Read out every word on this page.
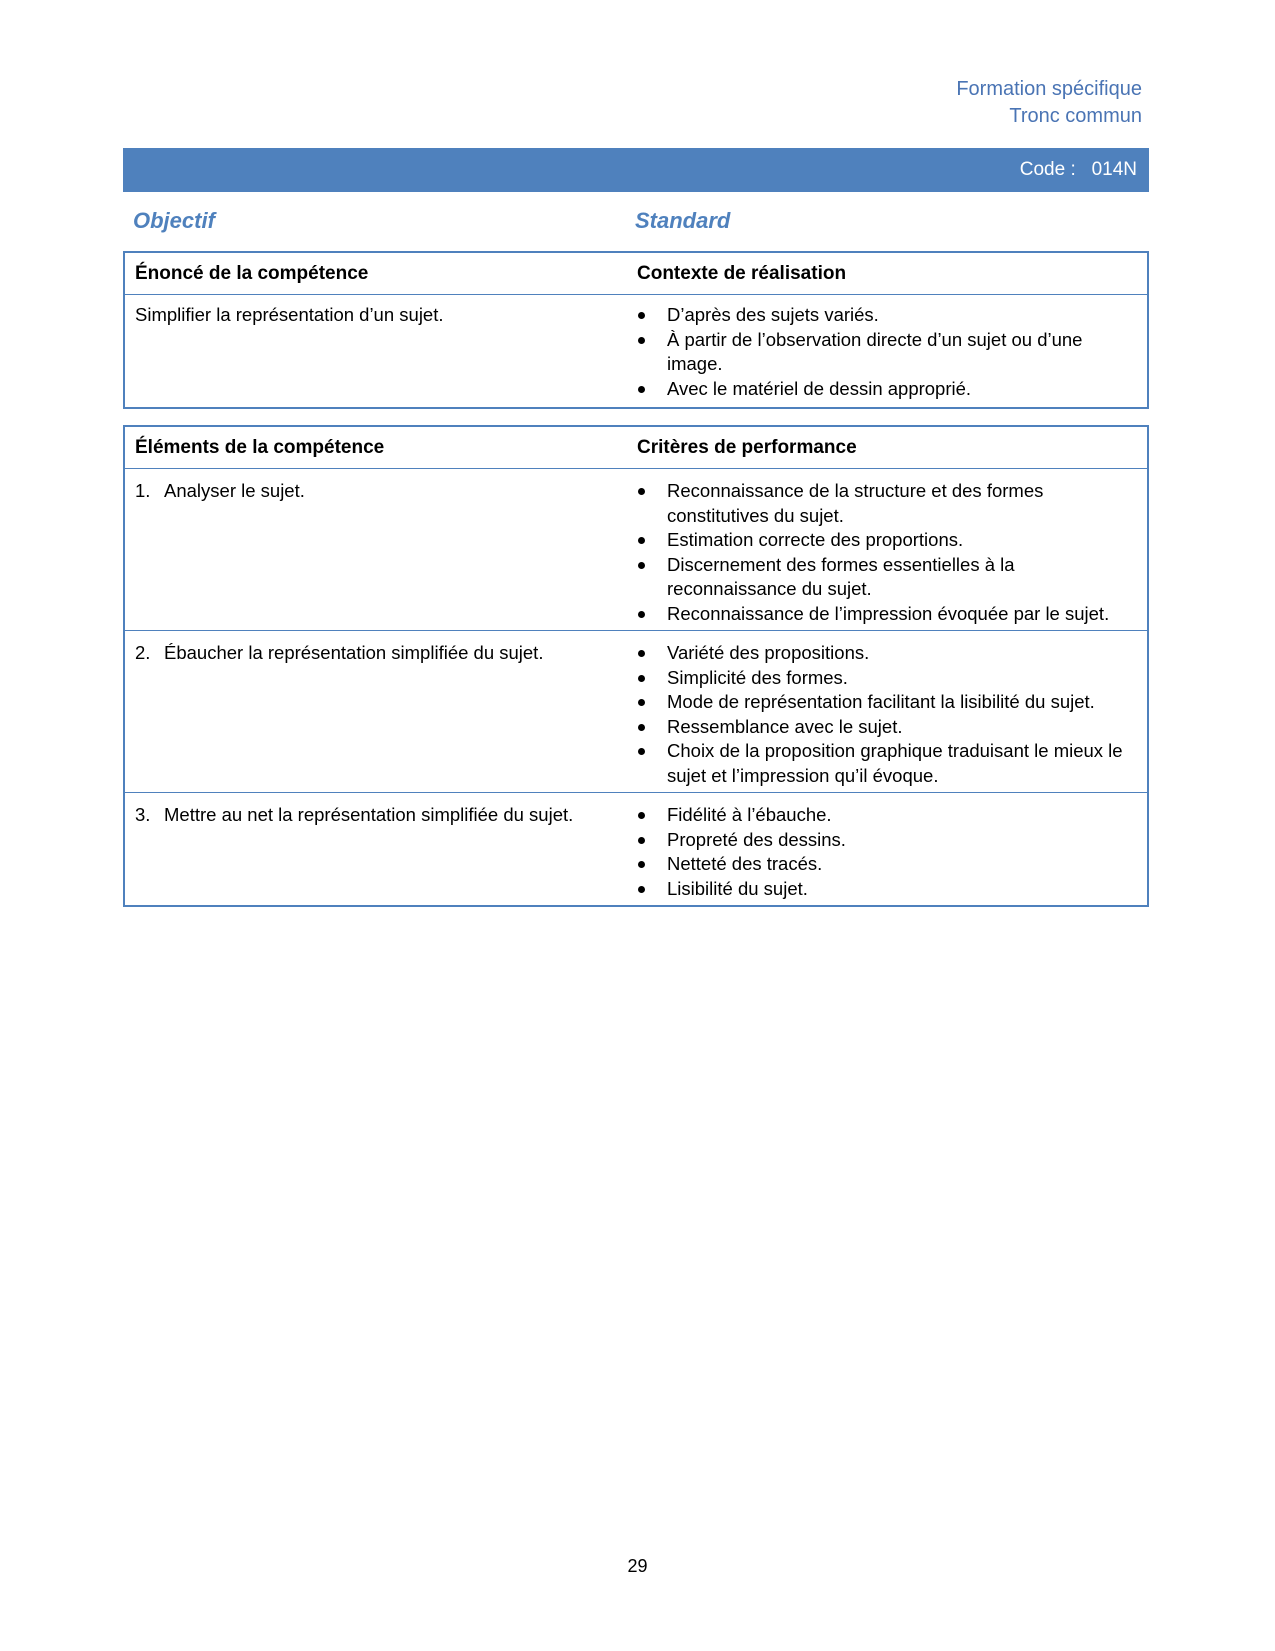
Formation spécifique
Tronc commun
Code :   014N
Objectif	Standard
Énoncé de la compétence	Contexte de réalisation
Simplifier la représentation d’un sujet.	D’après des sujets variés.
À partir de l’observation directe d’un sujet ou d’une image.
Avec le matériel de dessin approprié.
Éléments de la compétence	Critères de performance
1. Analyser le sujet.	Reconnaissance de la structure et des formes constitutives du sujet.
Estimation correcte des proportions.
Discernement des formes essentielles à la reconnaissance du sujet.
Reconnaissance de l’impression évoquée par le sujet.
2. Ébaucher la représentation simplifiée du sujet.	Variété des propositions.
Simplicité des formes.
Mode de représentation facilitant la lisibilité du sujet.
Ressemblance avec le sujet.
Choix de la proposition graphique traduisant le mieux le sujet et l’impression qu’il évoque.
3. Mettre au net la représentation simplifiée du sujet.	Fidélité à l’ébauche.
Propreté des dessins.
Netteté des tracés.
Lisibilité du sujet.
29
